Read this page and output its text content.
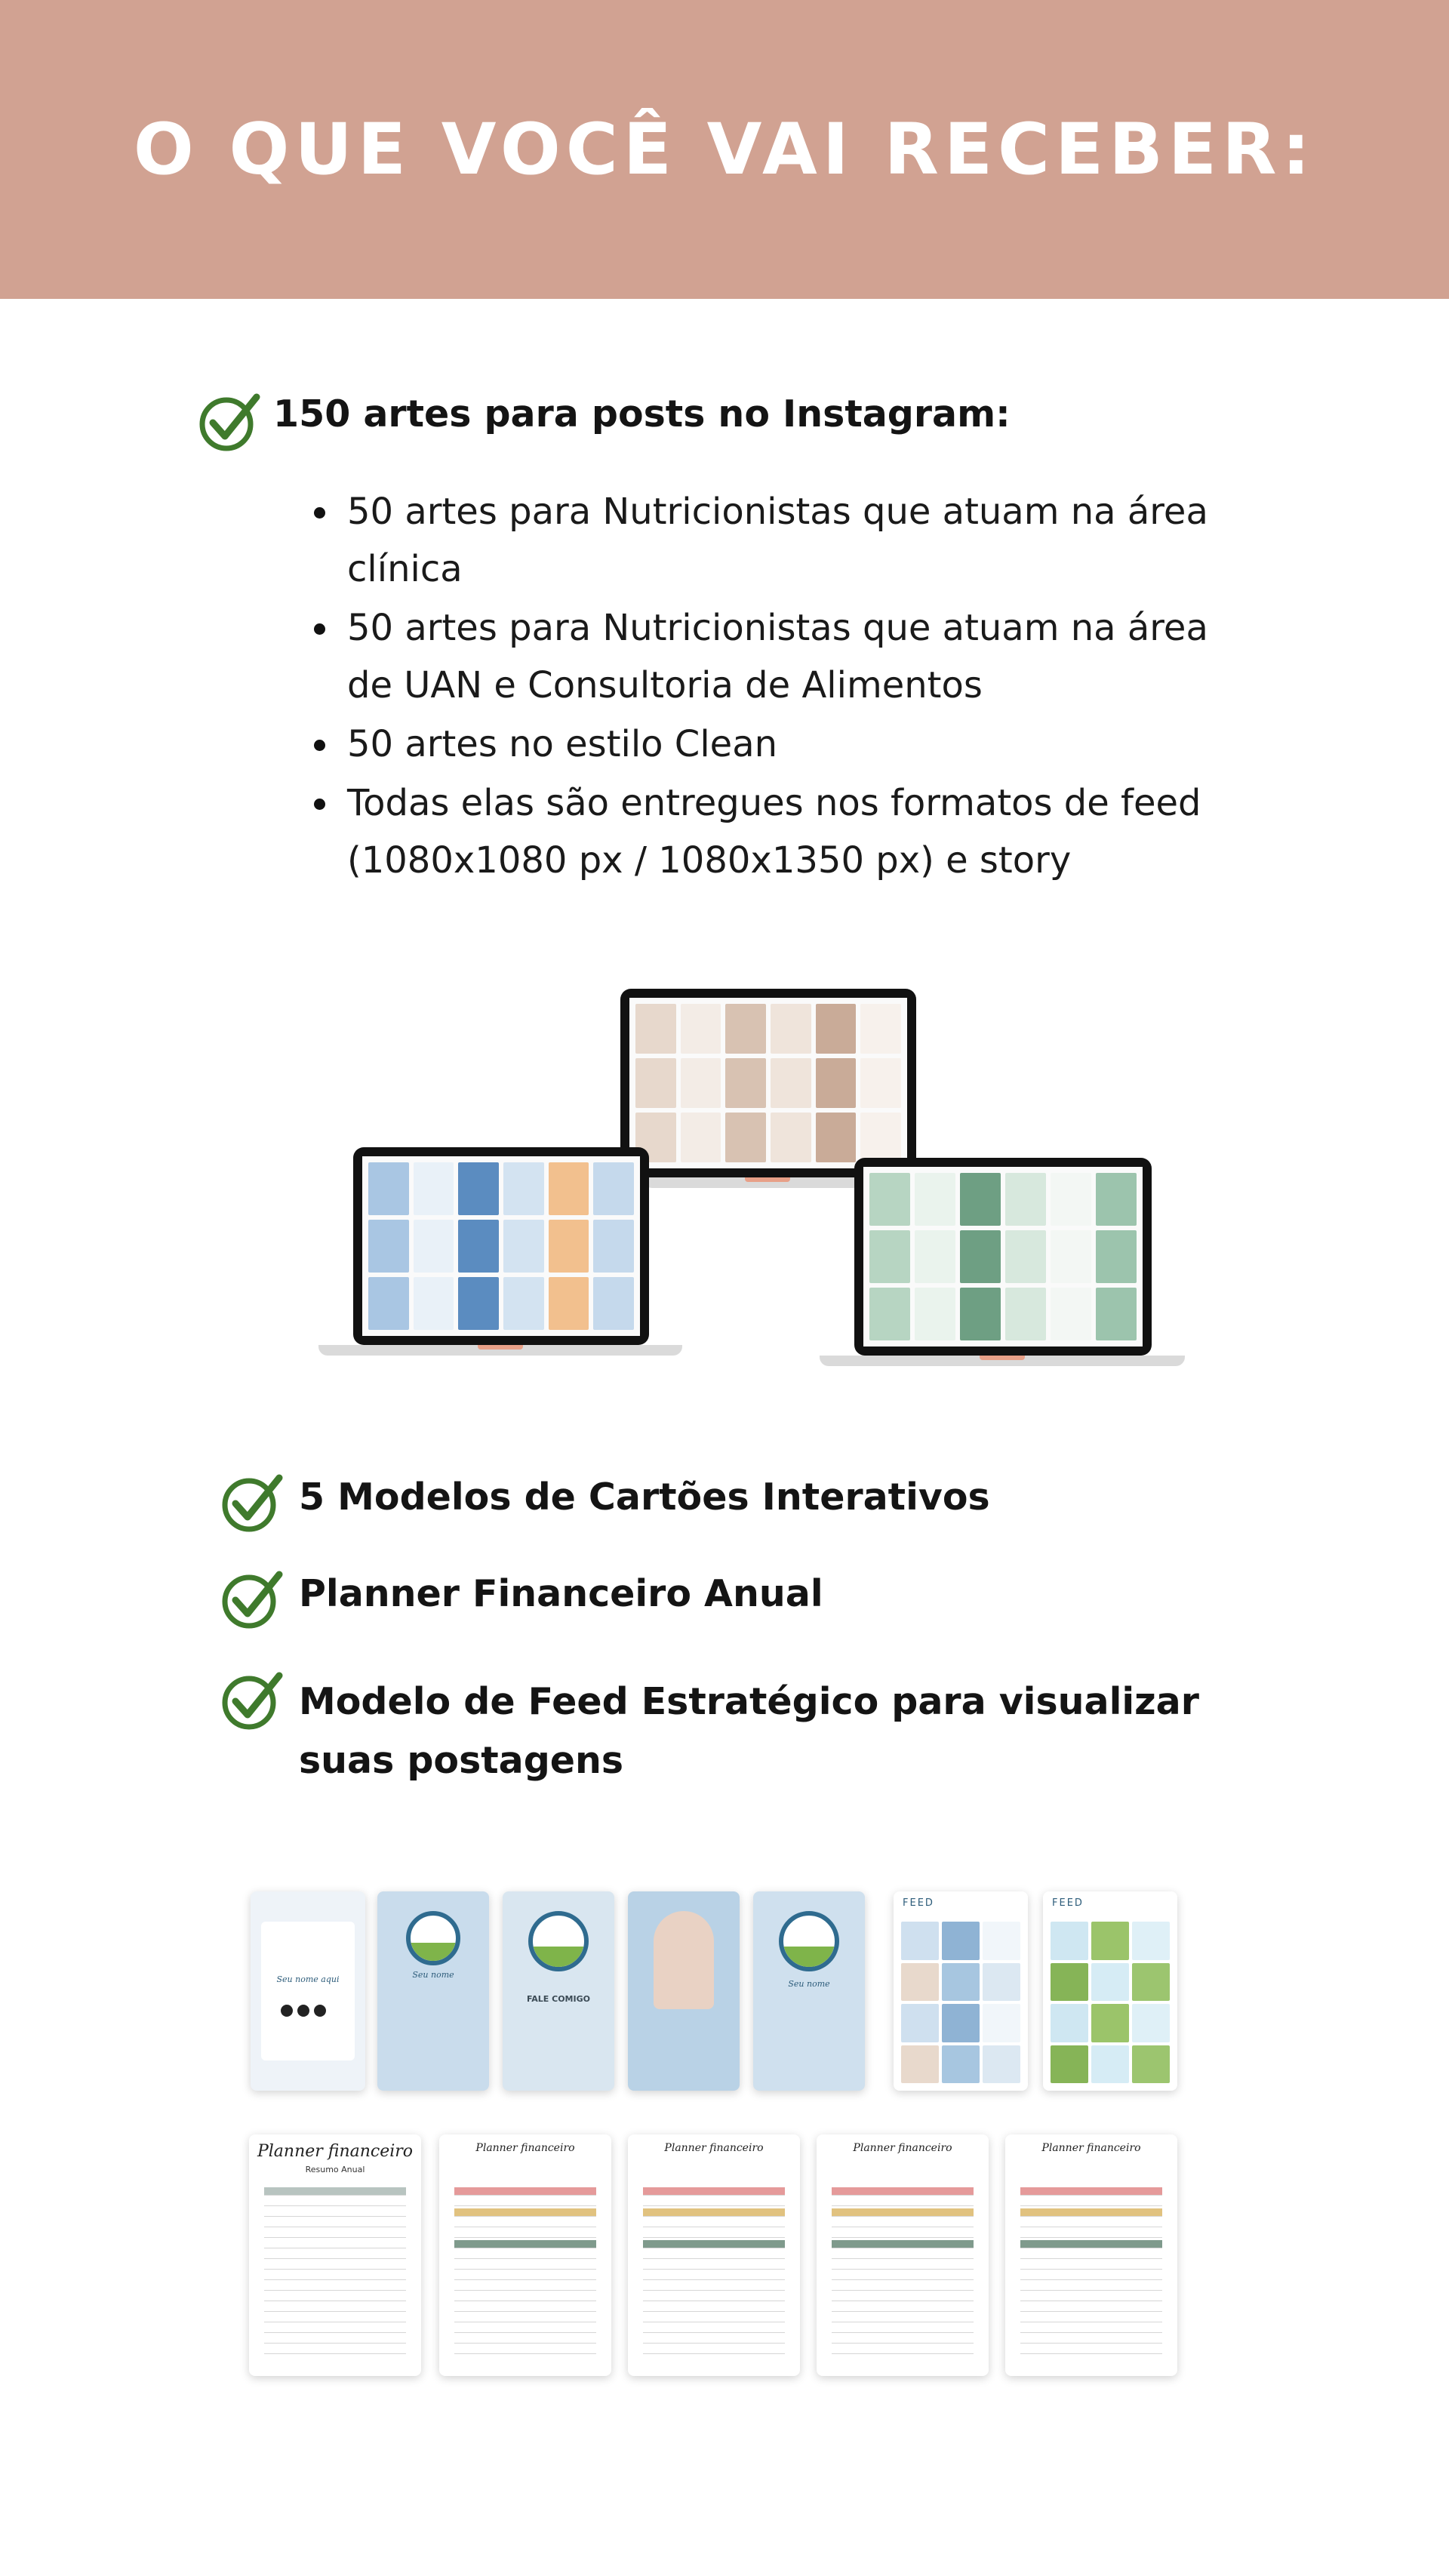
O QUE VOCÊ VAI RECEBER:
150 artes para posts no Instagram:
50 artes para Nutricionistas que atuam na área clínica
50 artes para Nutricionistas que atuam na área de UAN e Consultoria de Alimentos
50 artes no estilo Clean
Todas elas são entregues nos formatos de feed (1080x1080 px / 1080x1350 px) e story
5 Modelos de Cartões Interativos
Planner Financeiro Anual
Modelo de Feed Estratégico para visualizar suas postagens
Seu nome aqui	Seu nome
FALE COMIGO
Seu nome
FEED	FEED
Planner financeiro
Resumo Anual
Planner financeiro	Planner financeiro	Planner financeiro	Planner financeiro
